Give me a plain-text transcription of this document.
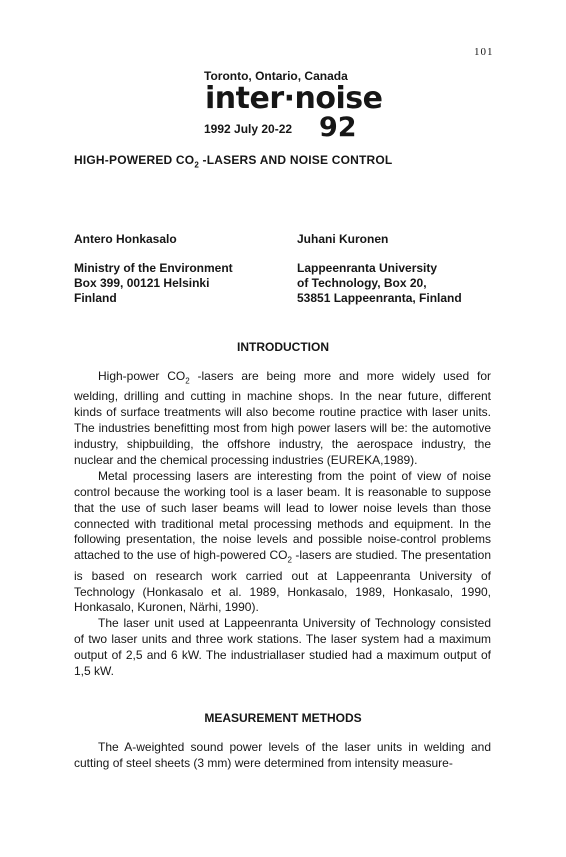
101
Toronto, Ontario, Canada
inter·noise
1992 July 20-22 92
HIGH-POWERED $CO_2$ -LASERS AND NOISE CONTROL
Antero Honkasalo	Juhani Kuronen
Ministry of the Environment
Box 399, 00121 Helsinki
Finland
Lappeenranta University
of Technology, Box 20,
53851 Lappeenranta, Finland
INTRODUCTION

High-power $CO_2$ -lasers are being more and more widely used for welding, drilling and cutting in machine shops. In the near future, different kinds of surface treatments will also become routine practice with laser units. The industries benefitting most from high power lasers will be: the automotive industry, shipbuilding, the offshore industry, the aerospace industry, the nuclear and the chemical processing industries (EUREKA,1989).

Metal processing lasers are interesting from the point of view of noise control because the working tool is a laser beam. It is reasonable to suppose that the use of such laser beams will lead to lower noise levels than those connected with traditional metal processing methods and equipment. In the following presentation, the noise levels and possible noise-control problems attached to the use of high-powered $CO_2$ -lasers are studied. The presentation is based on research work carried out at Lappeenranta University of Technology (Honkasalo et al. 1989, Honkasalo, 1989, Honkasalo, 1990, Honkasalo, Kuronen, Närhi, 1990).

The laser unit used at Lappeenranta University of Technology consisted of two laser units and three work stations. The laser system had a maximum output of 2,5 and 6 kW. The industriallaser studied had a maximum output of 1,5 kW.

MEASUREMENT METHODS

The A-weighted sound power levels of the laser units in welding and cutting of steel sheets (3 mm) were determined from intensity measure-
